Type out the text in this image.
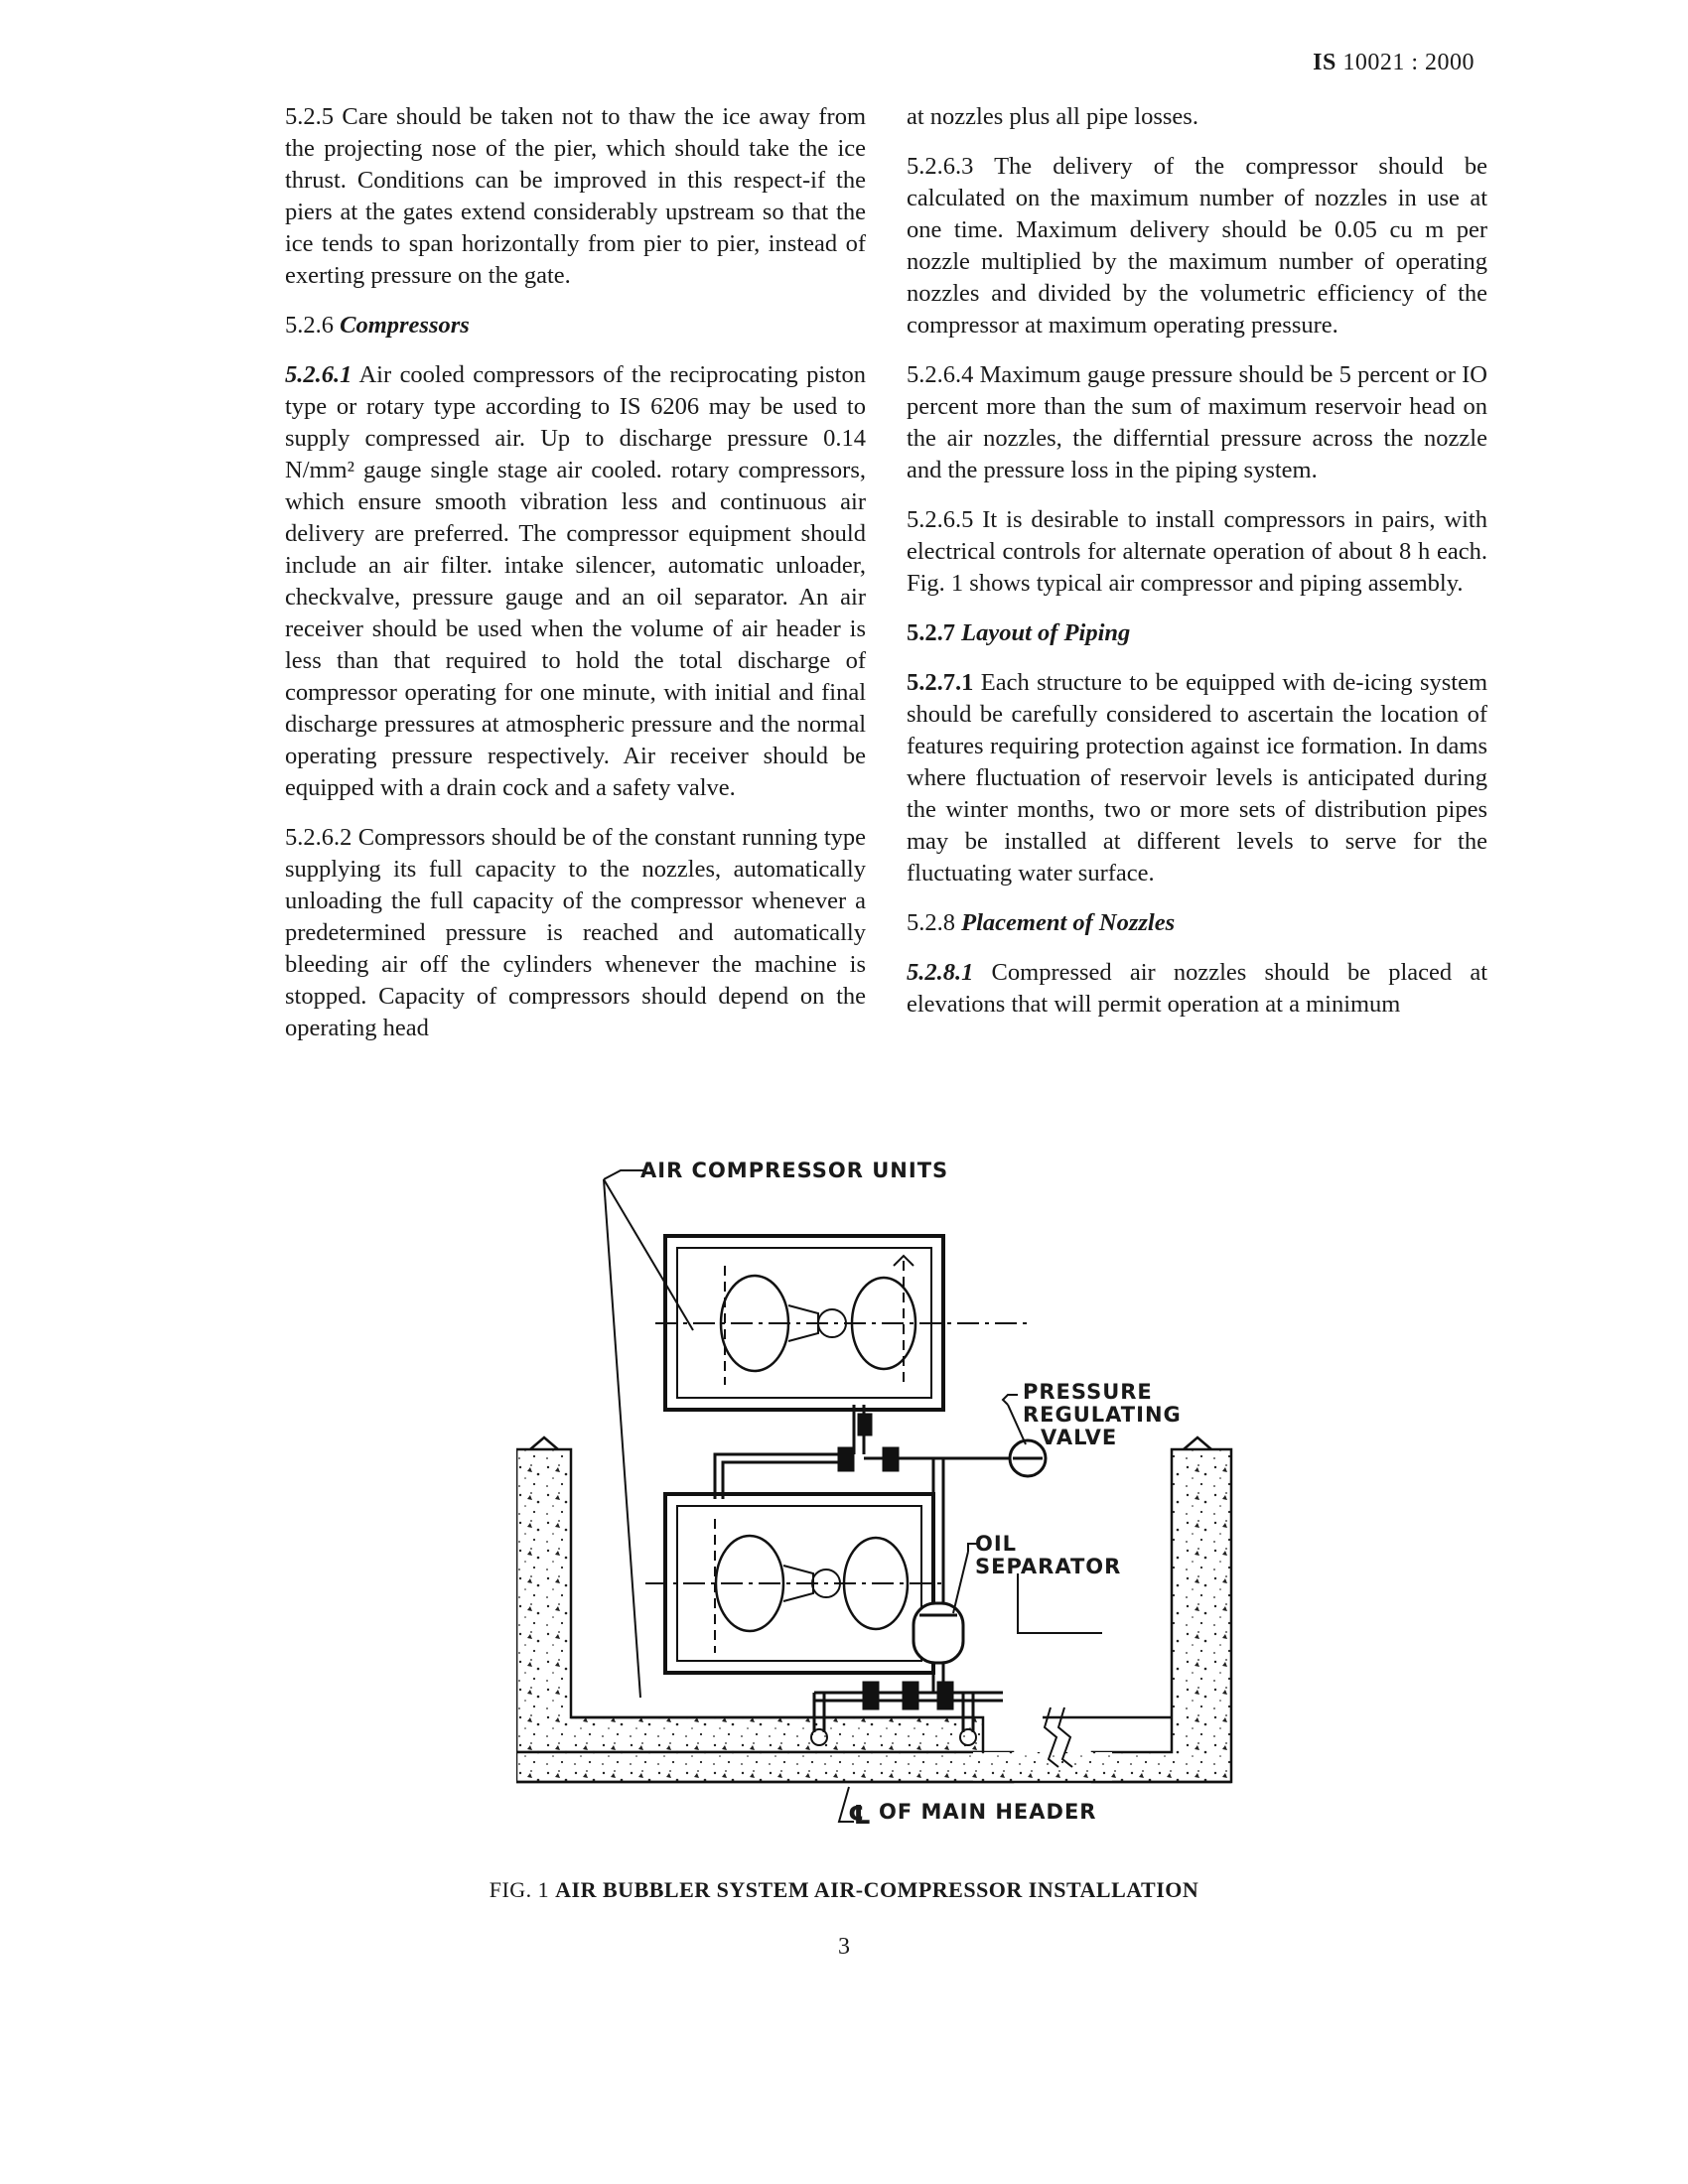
IS 10021 : 2000

5.2.5 Care should be taken not to thaw the ice away from the projecting nose of the pier, which should take the ice thrust. Conditions can be improved in this respect-if the piers at the gates extend considerably upstream so that the ice tends to span horizontally from pier to pier, instead of exerting pressure on the gate.

5.2.6 Compressors

5.2.6.1 Air cooled compressors of the reciprocating piston type or rotary type according to IS 6206 may be used to supply compressed air. Up to discharge pressure 0.14 N/mm² gauge single stage air cooled. rotary compressors, which ensure smooth vibration less and continuous air delivery are preferred. The compressor equipment should include an air filter. intake silencer, automatic unloader, checkvalve, pressure gauge and an oil separator. An air receiver should be used when the volume of air header is less than that required to hold the total discharge of compressor operating for one minute, with initial and final discharge pressures at atmospheric pressure and the normal operating pressure respectively. Air receiver should be equipped with a drain cock and a safety valve.

5.2.6.2 Compressors should be of the constant running type supplying its full capacity to the nozzles, automatically unloading the full capacity of the compressor whenever a predetermined pressure is reached and automatically bleeding air off the cylinders whenever the machine is stopped. Capacity of compressors should depend on the operating head

at nozzles plus all pipe losses.

5.2.6.3 The delivery of the compressor should be calculated on the maximum number of nozzles in use at one time. Maximum delivery should be 0.05 cu m per nozzle multiplied by the maximum number of operating nozzles and divided by the volumetric efficiency of the compressor at maximum operating pressure.

5.2.6.4 Maximum gauge pressure should be 5 percent or IO percent more than the sum of maximum reservoir head on the air nozzles, the differntial pressure across the nozzle and the pressure loss in the piping system.

5.2.6.5 It is desirable to install compressors in pairs, with electrical controls for alternate operation of about 8 h each. Fig. 1 shows typical air compressor and piping assembly.

5.2.7 Layout of Piping

5.2.7.1 Each structure to be equipped with de-icing system should be carefully considered to ascertain the location of features requiring protection against ice formation. In dams where fluctuation of reservoir levels is anticipated during the winter months, two or more sets of distribution pipes may be installed at different levels to serve for the fluctuating water surface.

5.2.8 Placement of Nozzles

5.2.8.1 Compressed air nozzles should be placed at elevations that will permit operation at a minimum

AIR COMPRESSOR UNITS
PRESSURE
REGULATING
VALVE
OIL
SEPARATOR
℄ OF MAIN HEADER
FIG. 1 AIR BUBBLER SYSTEM AIR-COMPRESSOR INSTALLATION
3
